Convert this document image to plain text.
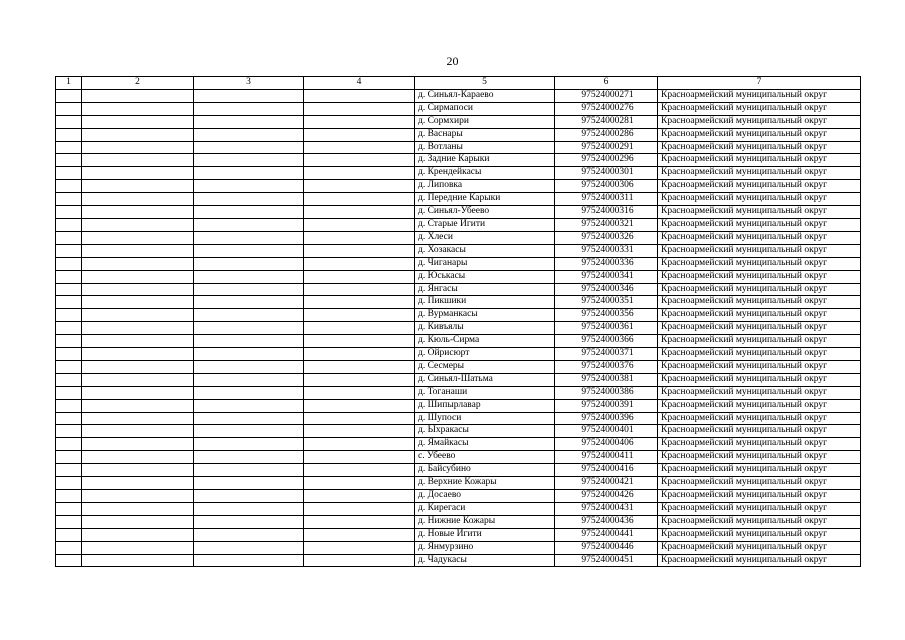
20
1	2	3	4	5	6	7
				д. Синьял-Караево	97524000271	Красноармейский муниципальный округ
				д. Сирмапоси	97524000276	Красноармейский муниципальный округ
				д. Сормхири	97524000281	Красноармейский муниципальный округ
				д. Васнары	97524000286	Красноармейский муниципальный округ
				д. Вотланы	97524000291	Красноармейский муниципальный округ
				д. Задние Карыки	97524000296	Красноармейский муниципальный округ
				д. Крендейкасы	97524000301	Красноармейский муниципальный округ
				д. Липовка	97524000306	Красноармейский муниципальный округ
				д. Передние Карыки	97524000311	Красноармейский муниципальный округ
				д. Синьял-Убеево	97524000316	Красноармейский муниципальный округ
				д. Старые Игити	97524000321	Красноармейский муниципальный округ
				д. Хлеси	97524000326	Красноармейский муниципальный округ
				д. Хозакасы	97524000331	Красноармейский муниципальный округ
				д. Чиганары	97524000336	Красноармейский муниципальный округ
				д. Юськасы	97524000341	Красноармейский муниципальный округ
				д. Янгасы	97524000346	Красноармейский муниципальный округ
				д. Пикшики	97524000351	Красноармейский муниципальный округ
				д. Вурманкасы	97524000356	Красноармейский муниципальный округ
				д. Кивъялы	97524000361	Красноармейский муниципальный округ
				д. Кюль-Сирма	97524000366	Красноармейский муниципальный округ
				д. Ойрисюрт	97524000371	Красноармейский муниципальный округ
				д. Сесмеры	97524000376	Красноармейский муниципальный округ
				д. Синьял-Шатьма	97524000381	Красноармейский муниципальный округ
				д. Тоганаши	97524000386	Красноармейский муниципальный округ
				д. Шипырлавар	97524000391	Красноармейский муниципальный округ
				д. Шупоси	97524000396	Красноармейский муниципальный округ
				д. Ыхракасы	97524000401	Красноармейский муниципальный округ
				д. Ямайкасы	97524000406	Красноармейский муниципальный округ
				с. Убеево	97524000411	Красноармейский муниципальный округ
				д. Байсубино	97524000416	Красноармейский муниципальный округ
				д. Верхние Кожары	97524000421	Красноармейский муниципальный округ
				д. Досаево	97524000426	Красноармейский муниципальный округ
				д. Кирегаси	97524000431	Красноармейский муниципальный округ
				д. Нижние Кожары	97524000436	Красноармейский муниципальный округ
				д. Новые Игити	97524000441	Красноармейский муниципальный округ
				д. Янмурзино	97524000446	Красноармейский муниципальный округ
				д. Чадукасы	97524000451	Красноармейский муниципальный округ
